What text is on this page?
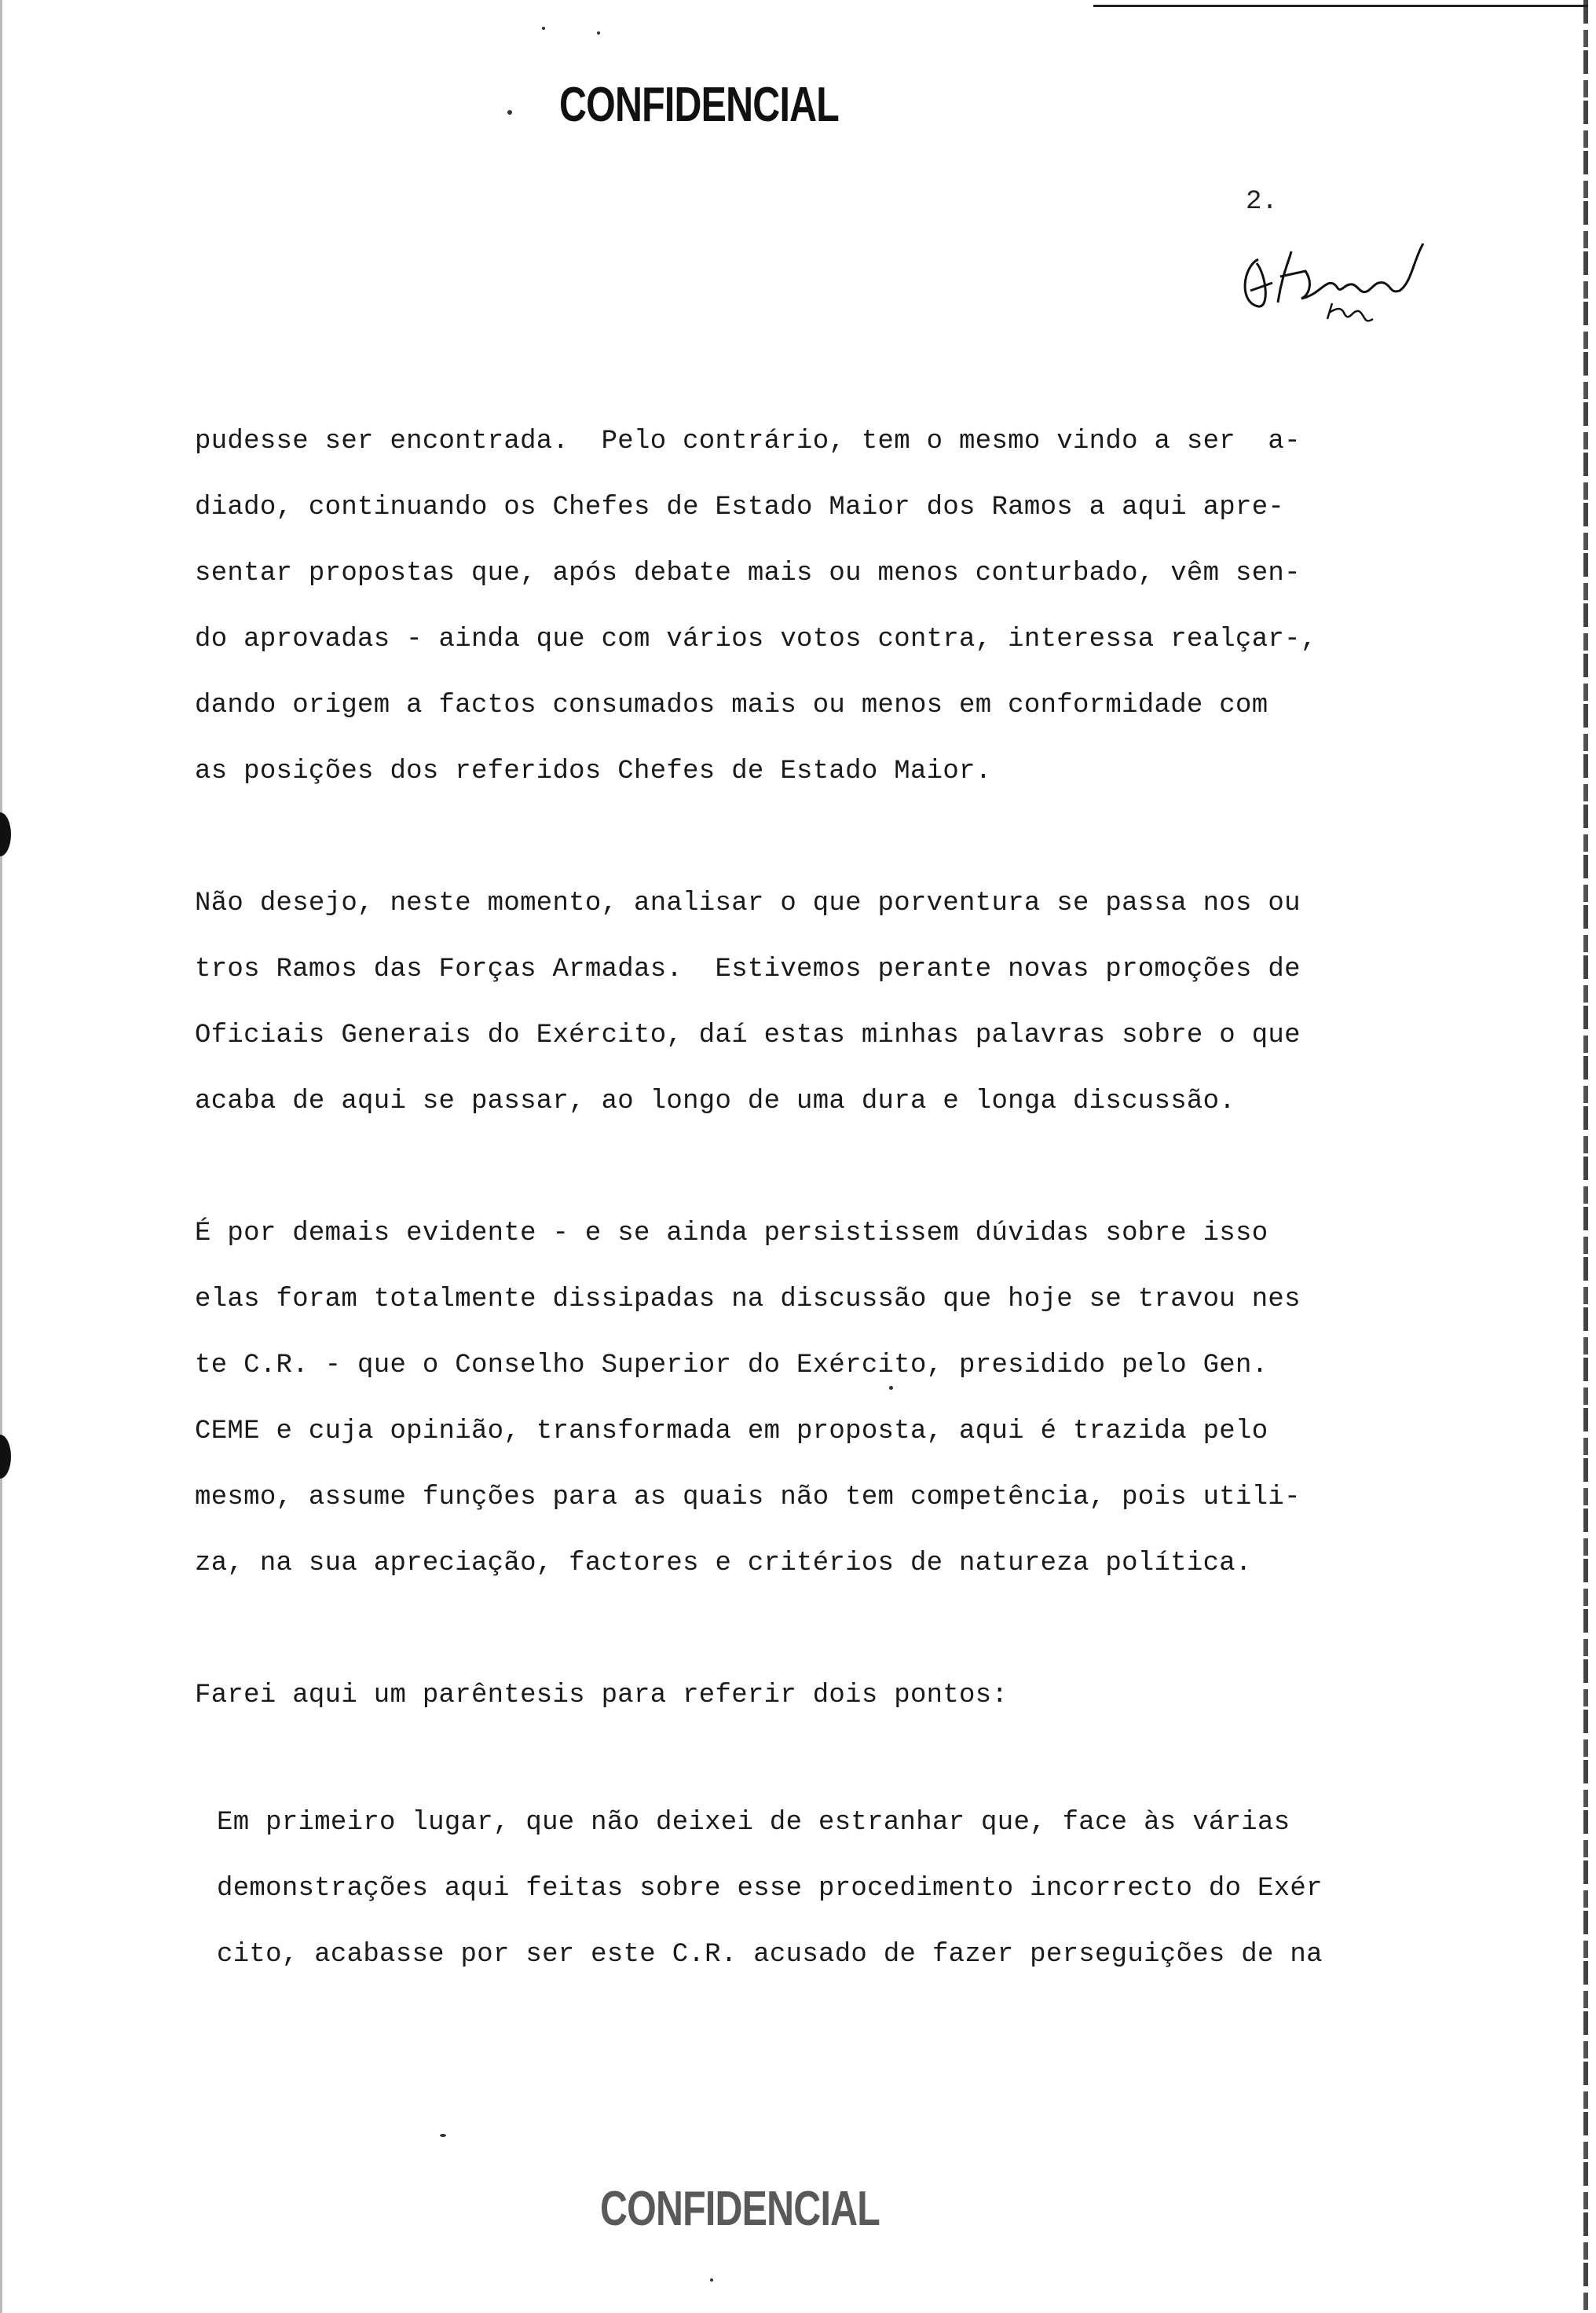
CONFIDENCIAL
2.
pudesse ser encontrada.  Pelo contrário, tem o mesmo vindo a ser  a-
diado, continuando os Chefes de Estado Maior dos Ramos a aqui apre-
sentar propostas que, após debate mais ou menos conturbado, vêm sen-
do aprovadas - ainda que com vários votos contra, interessa realçar-,
dando origem a factos consumados mais ou menos em conformidade com
as posições dos referidos Chefes de Estado Maior.
Não desejo, neste momento, analisar o que porventura se passa nos ou
tros Ramos das Forças Armadas.  Estivemos perante novas promoções de
Oficiais Generais do Exército, daí estas minhas palavras sobre o que
acaba de aqui se passar, ao longo de uma dura e longa discussão.
É por demais evidente - e se ainda persistissem dúvidas sobre isso
elas foram totalmente dissipadas na discussão que hoje se travou nes
te C.R. - que o Conselho Superior do Exército, presidido pelo Gen.
CEME e cuja opinião, transformada em proposta, aqui é trazida pelo
mesmo, assume funções para as quais não tem competência, pois utili-
za, na sua apreciação, factores e critérios de natureza política.
Farei aqui um parêntesis para referir dois pontos:
Em primeiro lugar, que não deixei de estranhar que, face às várias
demonstrações aqui feitas sobre esse procedimento incorrecto do Exér
cito, acabasse por ser este C.R. acusado de fazer perseguições de na
CONFIDENCIAL
